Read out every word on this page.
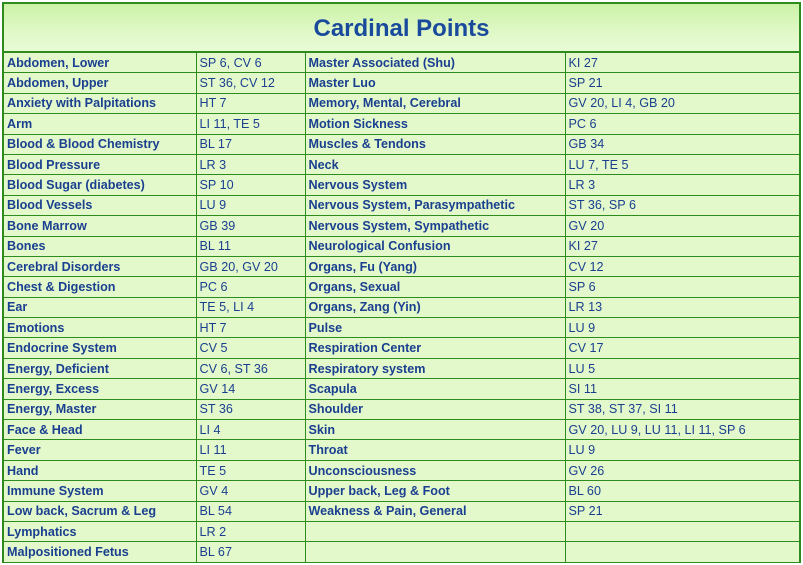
Cardinal Points
Abdomen, Lower	SP 6, CV 6	Master Associated (Shu)	KI 27
Abdomen, Upper	ST 36, CV 12	Master Luo	SP 21
Anxiety with Palpitations	HT 7	Memory, Mental, Cerebral	GV 20, LI 4, GB 20
Arm	LI 11, TE 5	Motion Sickness	PC 6
Blood & Blood Chemistry	BL 17	Muscles & Tendons	GB 34
Blood Pressure	LR 3	Neck	LU 7, TE 5
Blood Sugar (diabetes)	SP 10	Nervous System	LR 3
Blood Vessels	LU 9	Nervous System, Parasympathetic	ST 36, SP 6
Bone Marrow	GB 39	Nervous System, Sympathetic	GV 20
Bones	BL 11	Neurological Confusion	KI 27
Cerebral Disorders	GB 20, GV 20	Organs, Fu (Yang)	CV 12
Chest & Digestion	PC 6	Organs, Sexual	SP 6
Ear	TE 5, LI 4	Organs, Zang (Yin)	LR 13
Emotions	HT 7	Pulse	LU 9
Endocrine System	CV 5	Respiration Center	CV 17
Energy, Deficient	CV 6, ST 36	Respiratory system	LU 5
Energy, Excess	GV 14	Scapula	SI 11
Energy, Master	ST 36	Shoulder	ST 38, ST 37, SI 11
Face & Head	LI 4	Skin	GV 20, LU 9, LU 11, LI 11, SP 6
Fever	LI 11	Throat	LU 9
Hand	TE 5	Unconsciousness	GV 26
Immune System	GV 4	Upper back, Leg & Foot	BL 60
Low back, Sacrum & Leg	BL 54	Weakness & Pain, General	SP 21
Lymphatics	LR 2		
Malpositioned Fetus	BL 67		
